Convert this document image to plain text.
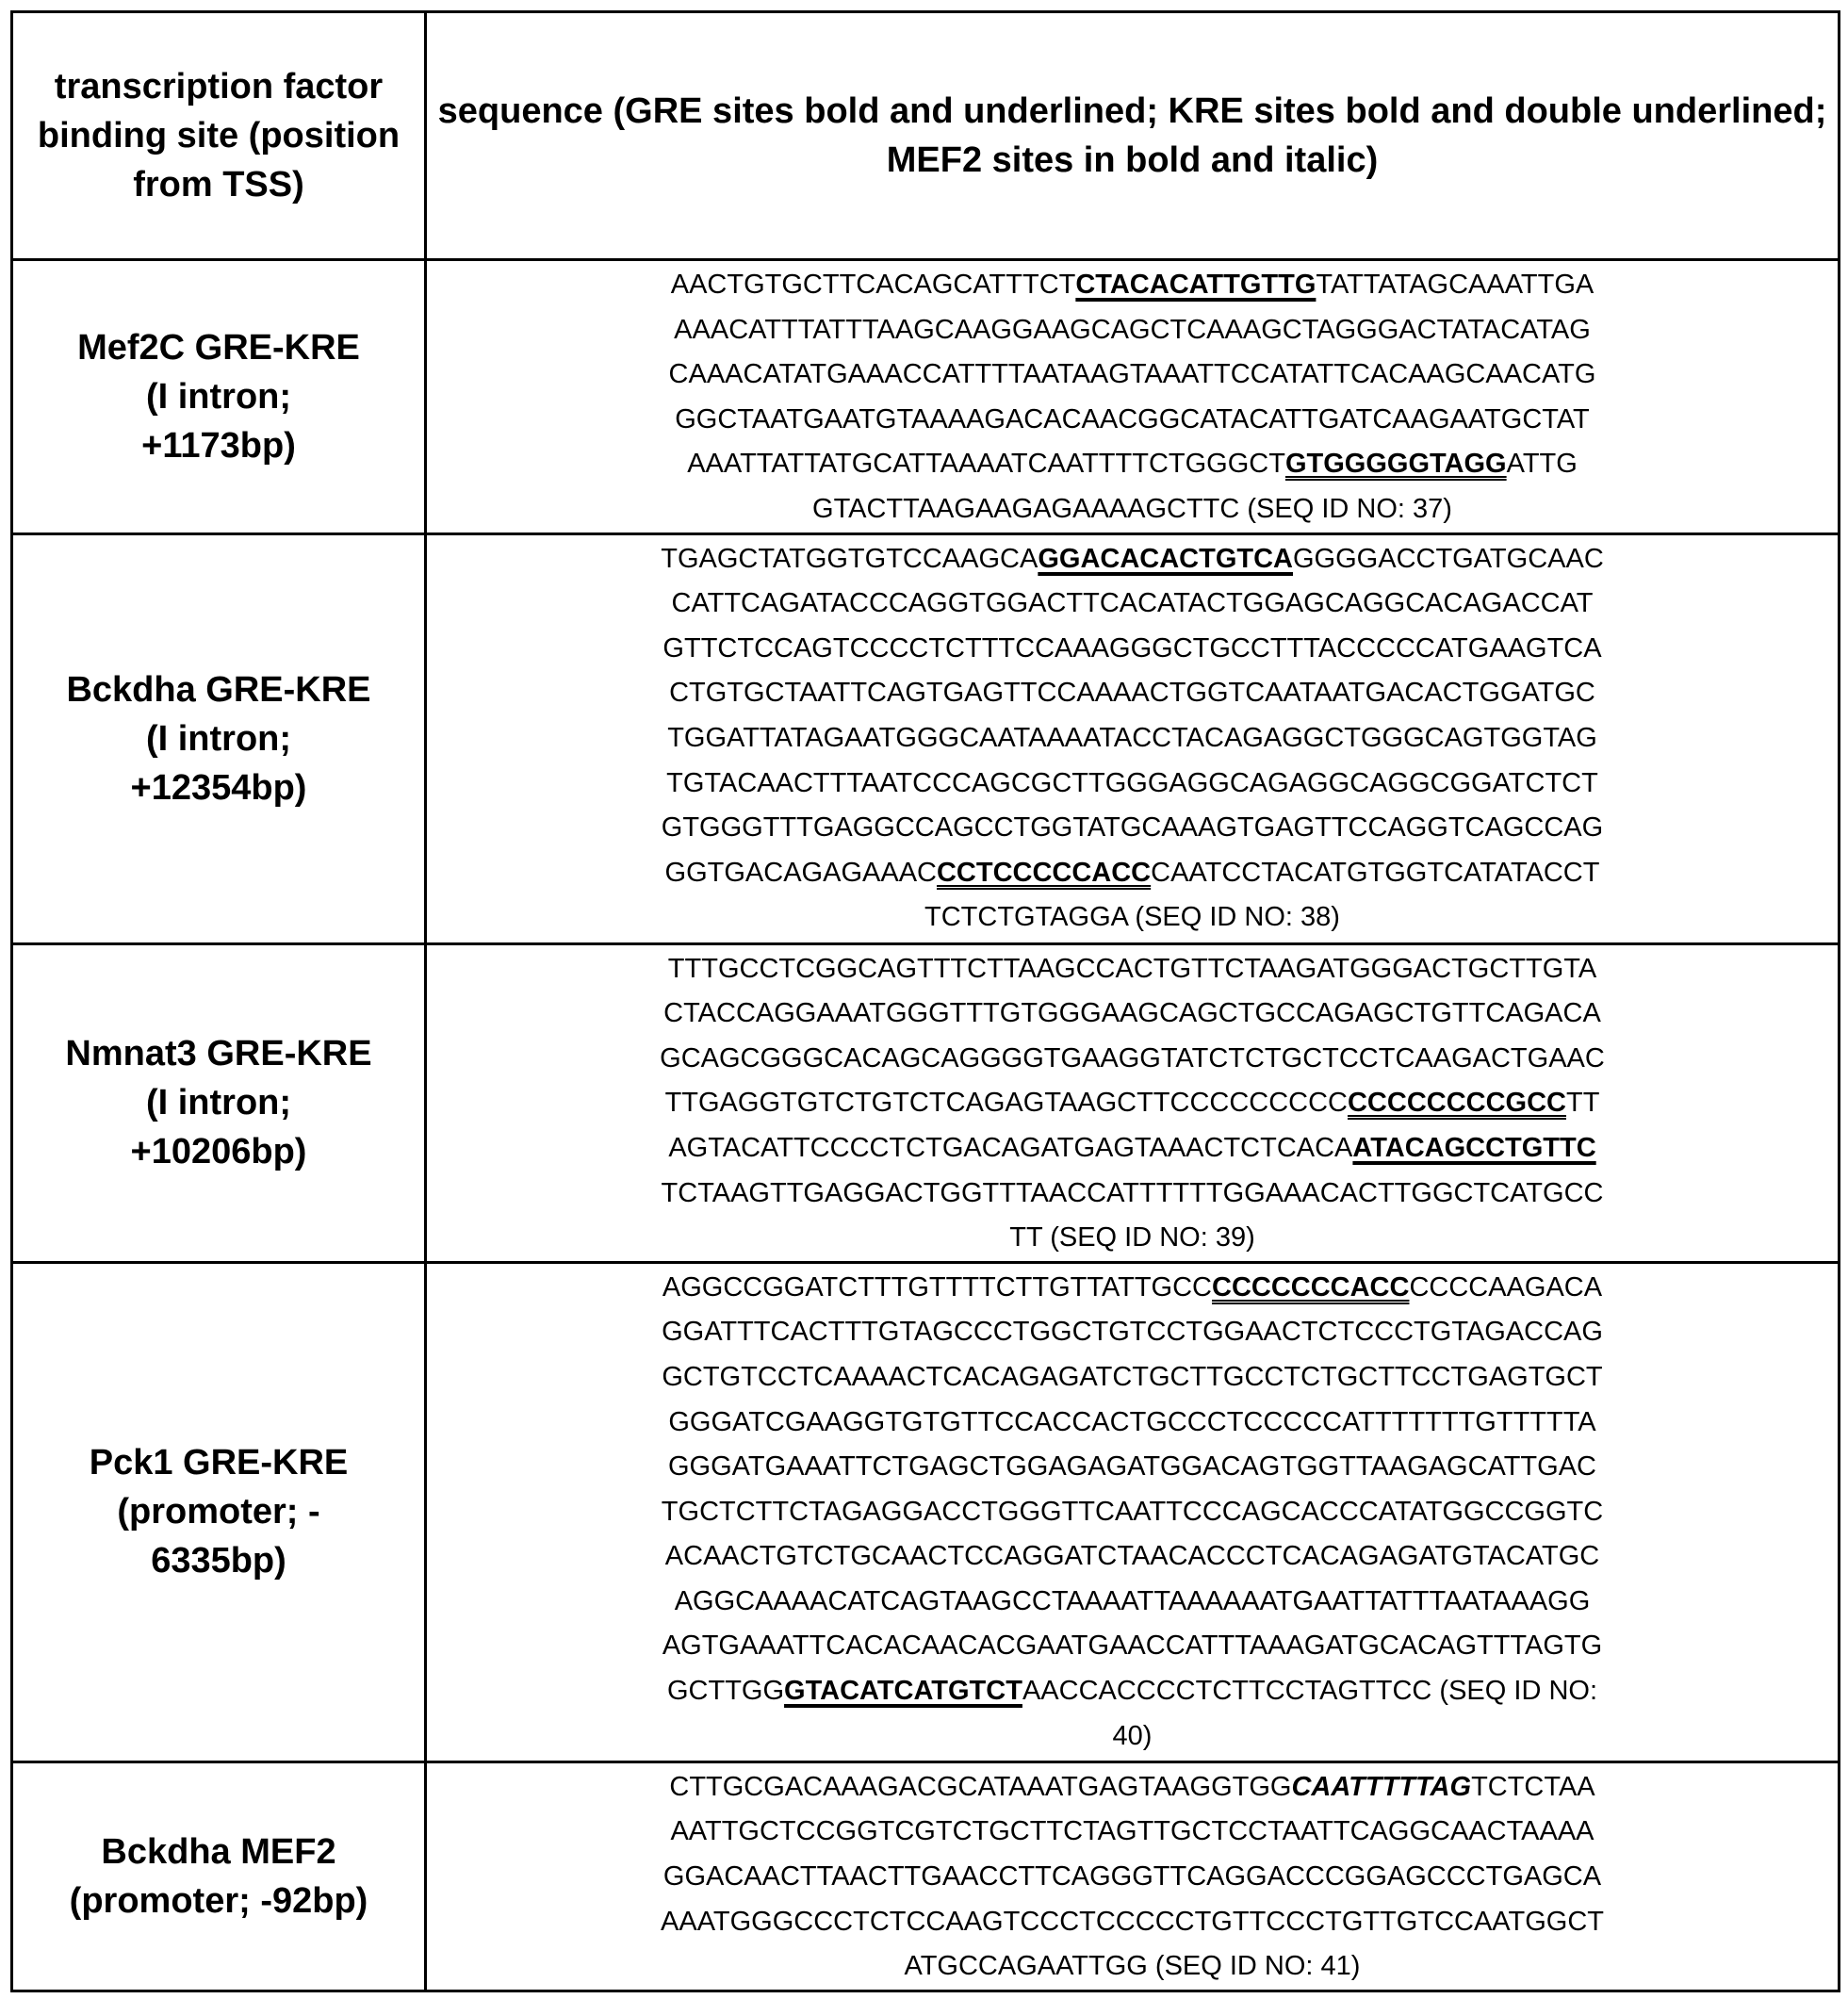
transcription factor binding site (position from TSS)	sequence (GRE sites bold and underlined; KRE sites bold and double underlined; MEF2 sites in bold and italic)

Mef2C GRE-KRE
(I intron;
+1173bp)

AACTGTGCTTCACAGCATTTCTCTACACATTGTTGTATTATAGCAAATTGA
AAACATTTATTTAAGCAAGGAAGCAGCTCAAAGCTAGGGACTATACATAG
CAAACATATGAAACCATTTTAATAAGTAAATTCCATATTCACAAGCAACATG
GGCTAATGAATGTAAAAGACACAACGGCATACATTGATCAAGAATGCTAT
AAATTATTATGCATTAAAATCAATTTTCTGGGCTGTGGGGGTAGGATTG
GTACTTAAGAAGAGAAAAGCTTC (SEQ ID NO: 37)

Bckdha GRE-KRE
(I intron;
+12354bp)

TGAGCTATGGTGTCCAAGCAGGACACACTGTCAGGGGACCTGATGCAAC
CATTCAGATACCCAGGTGGACTTCACATACTGGAGCAGGCACAGACCAT
GTTCTCCAGTCCCCTCTTTCCAAAGGGCTGCCTTTACCCCCATGAAGTCA
CTGTGCTAATTCAGTGAGTTCCAAAACTGGTCAATAATGACACTGGATGC
TGGATTATAGAATGGGCAATAAAATACCTACAGAGGCTGGGCAGTGGTAG
TGTACAACTTTAATCCCAGCGCTTGGGAGGCAGAGGCAGGCGGATCTCT
GTGGGTTTGAGGCCAGCCTGGTATGCAAAGTGAGTTCCAGGTCAGCCAG
GGTGACAGAGAAACCCTCCCCCACCCAATCCTACATGTGGTCATATACCT
TCTCTGTAGGA (SEQ ID NO: 38)

Nmnat3 GRE-KRE
(I intron;
+10206bp)

TTTGCCTCGGCAGTTTCTTAAGCCACTGTTCTAAGATGGGACTGCTTGTA
CTACCAGGAAATGGGTTTGTGGGAAGCAGCTGCCAGAGCTGTTCAGACA
GCAGCGGGCACAGCAGGGGTGAAGGTATCTCTGCTCCTCAAGACTGAAC
TTGAGGTGTCTGTCTCAGAGTAAGCTTCCCCCCCCCCCCCCCCCGCCTT
AGTACATTCCCCTCTGACAGATGAGTAAACTCTCACAATACAGCCTGTTC
TCTAAGTTGAGGACTGGTTTAACCATTTTTTGGAAACACTTGGCTCATGCC
TT (SEQ ID NO: 39)

Pck1 GRE-KRE
(promoter; -
6335bp)

AGGCCGGATCTTTGTTTTCTTGTTATTGCCCCCCCCCACCCCCCAAGACA
GGATTTCACTTTGTAGCCCTGGCTGTCCTGGAACTCTCCCTGTAGACCAG
GCTGTCCTCAAAACTCACAGAGATCTGCTTGCCTCTGCTTCCTGAGTGCT
GGGATCGAAGGTGTGTTCCACCACTGCCCTCCCCCATTTTTTTGTTTTTA
GGGATGAAATTCTGAGCTGGAGAGATGGACAGTGGTTAAGAGCATTGAC
TGCTCTTCTAGAGGACCTGGGTTCAATTCCCAGCACCCATATGGCCGGTC
ACAACTGTCTGCAACTCCAGGATCTAACACCCTCACAGAGATGTACATGC
AGGCAAAACATCAGTAAGCCTAAAATTAAAAAATGAATTATTTAATAAAGG
AGTGAAATTCACACAACACGAATGAACCATTTAAAGATGCACAGTTTAGTG
GCTTGGGTACATCATGTCTAACCACCCCTCTTCCTAGTTCC (SEQ ID NO:
40)

Bckdha MEF2
(promoter; -92bp)

CTTGCGACAAAGACGCATAAATGAGTAAGGTGGCAATTTTTAGTCTCTAA
AATTGCTCCGGTCGTCTGCTTCTAGTTGCTCCTAATTCAGGCAACTAAAA
GGACAACTTAACTTGAACCTTCAGGGTTCAGGACCCGGAGCCCTGAGCA
AAATGGGCCCTCTCCAAGTCCCTCCCCCTGTTCCCTGTTGTCCAATGGCT
ATGCCAGAATTGG (SEQ ID NO: 41)
